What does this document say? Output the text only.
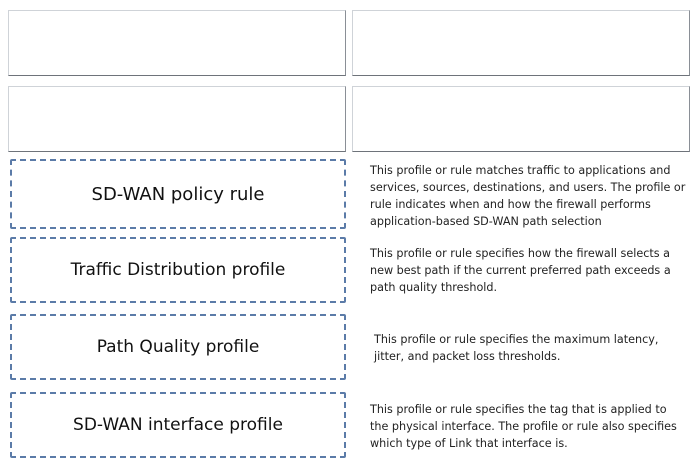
SD-WAN policy rule
Traffic Distribution profile
Path Quality profile
SD-WAN interface profile
This profile or rule matches traffic to applications and services, sources, destinations, and users. The profile or rule indicates when and how the firewall performs application-based SD-WAN path selection
This profile or rule specifies how the firewall selects a new best path if the current preferred path exceeds a path quality threshold.
This profile or rule specifies the maximum latency, jitter, and packet loss thresholds.
This profile or rule specifies the tag that is applied to the physical interface. The profile or rule also specifies which type of Link that interface is.
